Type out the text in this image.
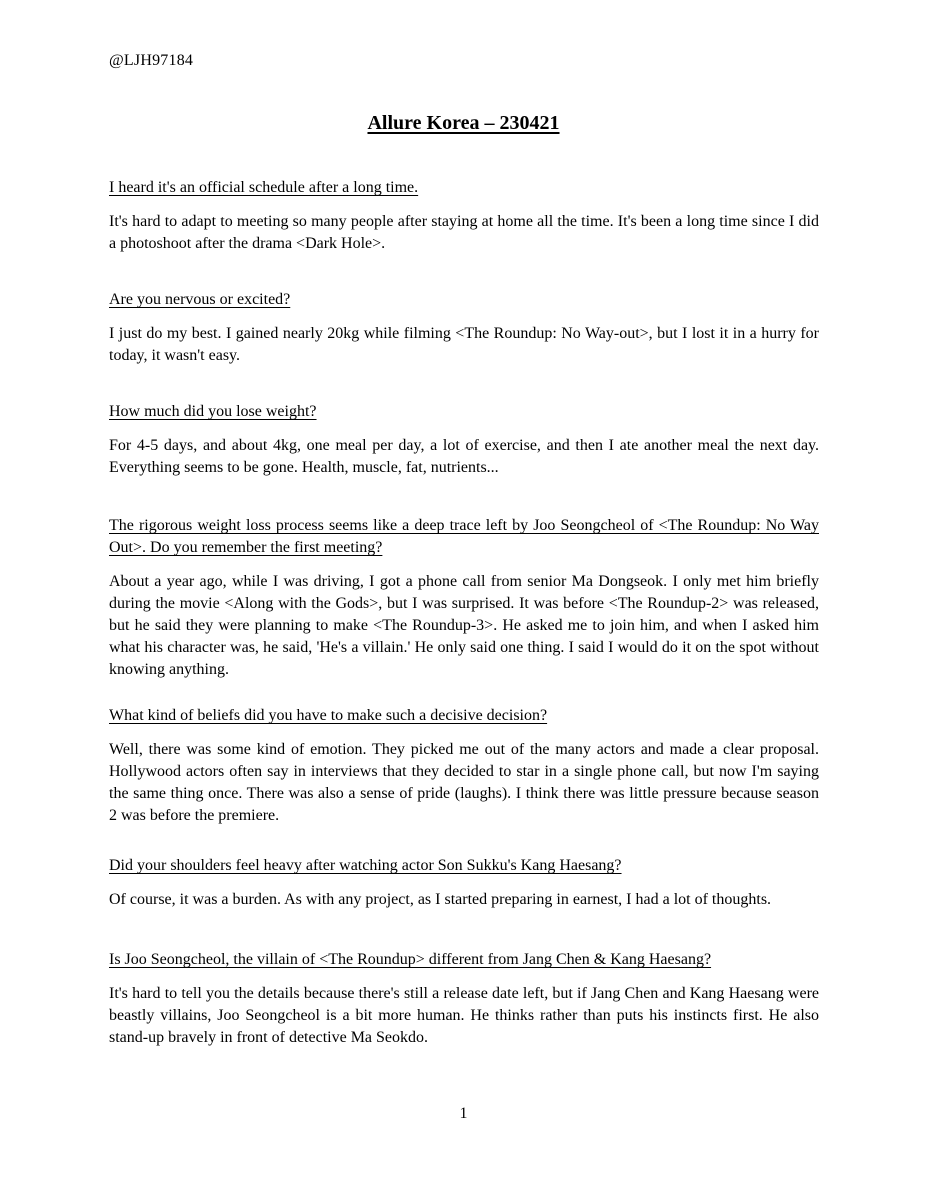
@LJH97184
Allure Korea – 230421

I heard it's an official schedule after a long time.

It's hard to adapt to meeting so many people after staying at home all the time. It's been a long time since I did a photoshoot after the drama <Dark Hole>.

Are you nervous or excited?

I just do my best. I gained nearly 20kg while filming <The Roundup: No Way-out>, but I lost it in a hurry for today, it wasn't easy.

How much did you lose weight?

For 4-5 days, and about 4kg, one meal per day, a lot of exercise, and then I ate another meal the next day. Everything seems to be gone. Health, muscle, fat, nutrients...

The rigorous weight loss process seems like a deep trace left by Joo Seongcheol of <The Roundup: No Way Out>. Do you remember the first meeting?

About a year ago, while I was driving, I got a phone call from senior Ma Dongseok. I only met him briefly during the movie <Along with the Gods>, but I was surprised. It was before <The Roundup-2> was released, but he said they were planning to make <The Roundup-3>. He asked me to join him, and when I asked him what his character was, he said, 'He's a villain.' He only said one thing. I said I would do it on the spot without knowing anything.

What kind of beliefs did you have to make such a decisive decision?

Well, there was some kind of emotion. They picked me out of the many actors and made a clear proposal. Hollywood actors often say in interviews that they decided to star in a single phone call, but now I'm saying the same thing once. There was also a sense of pride (laughs). I think there was little pressure because season 2 was before the premiere.

Did your shoulders feel heavy after watching actor Son Sukku's Kang Haesang?

Of course, it was a burden. As with any project, as I started preparing in earnest, I had a lot of thoughts.

Is Joo Seongcheol, the villain of <The Roundup> different from Jang Chen & Kang Haesang?

It's hard to tell you the details because there's still a release date left, but if Jang Chen and Kang Haesang were beastly villains, Joo Seongcheol is a bit more human. He thinks rather than puts his instincts first. He also stand-up bravely in front of detective Ma Seokdo.

1
